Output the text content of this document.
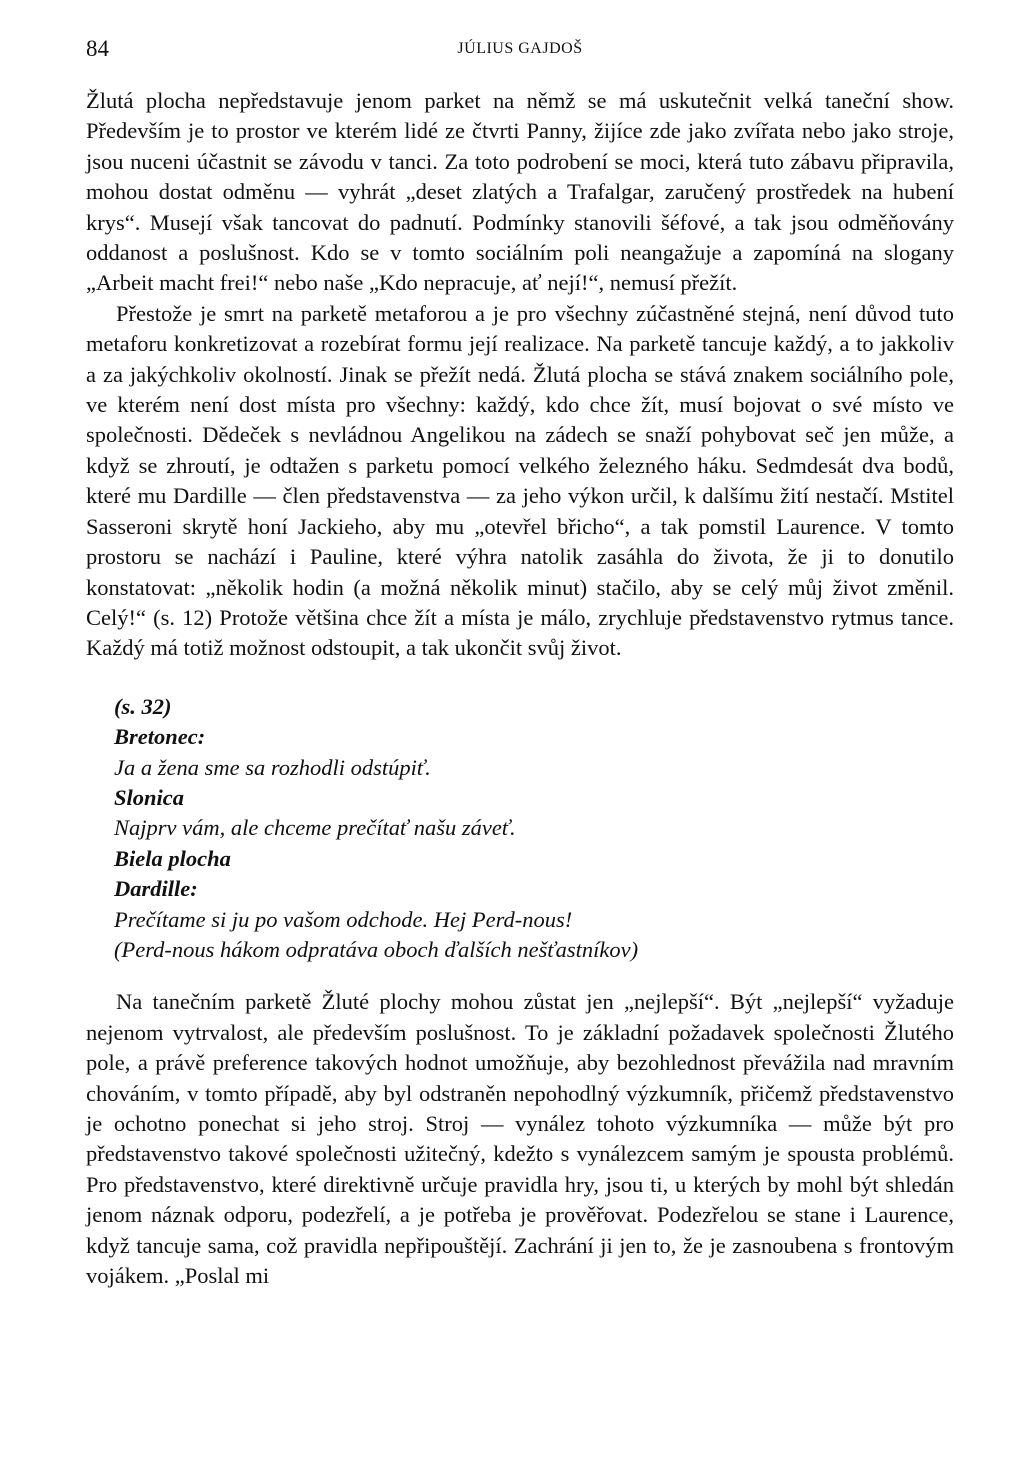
84	JÚLIUS GAJDOŠ

Žlutá plocha nepředstavuje jenom parket na němž se má uskutečnit velká taneční show. Především je to prostor ve kterém lidé ze čtvrti Panny, žijíce zde jako zvířata nebo jako stroje, jsou nuceni účastnit se závodu v tanci. Za toto podrobení se moci, která tuto zábavu připravila, mohou dostat odměnu — vyhrát „deset zlatých a Trafalgar, zaručený prostředek na hubení krys“. Musejí však tancovat do padnutí. Podmínky stanovili šéfové, a tak jsou odměňovány oddanost a poslušnost. Kdo se v tomto sociálním poli neangažuje a zapomíná na slogany „Arbeit macht frei!“ nebo naše „Kdo nepracuje, ať nejí!“, nemusí přežít.

Přestože je smrt na parketě metaforou a je pro všechny zúčastněné stejná, není důvod tuto metaforu konkretizovat a rozebírat formu její realizace. Na parketě tancuje každý, a to jakkoliv a za jakýchkoliv okolností. Jinak se přežít nedá. Žlutá plocha se stává znakem sociálního pole, ve kterém není dost místa pro všechny: každý, kdo chce žít, musí bojovat o své místo ve společnosti. Dědeček s nevládnou Angelikou na zádech se snaží pohybovat seč jen může, a když se zhroutí, je odtažen s parketu pomocí velkého železného háku. Sedmdesát dva bodů, které mu Dardille — člen představenstva — za jeho výkon určil, k dalšímu žití nestačí. Mstitel Sasseroni skrytě honí Jackieho, aby mu „otevřel břicho“, a tak pomstil Laurence. V tomto prostoru se nachází i Pauline, které výhra natolik zasáhla do života, že ji to donutilo konstatovat: „několik hodin (a možná několik minut) stačilo, aby se celý můj život změnil. Celý!“ (s. 12) Protože většina chce žít a místa je málo, zrychluje představenstvo rytmus tance. Každý má totiž možnost odstoupit, a tak ukončit svůj život.

(s. 32)
Bretonec:
Ja a žena sme sa rozhodli odstúpiť.
Slonica
Najprv vám, ale chceme prečítať našu záveť.
Biela plocha
Dardille:
Prečítame si ju po vašom odchode. Hej Perd-nous!
(Perd-nous hákom odpratáva oboch ďalších nešťastníkov)

Na tanečním parketě Žluté plochy mohou zůstat jen „nejlepší“. Být „nejlepší“ vyžaduje nejenom vytrvalost, ale především poslušnost. To je základní požadavek společnosti Žlutého pole, a právě preference takových hodnot umožňuje, aby bezohlednost převážila nad mravním chováním, v tomto případě, aby byl odstraněn nepohodlný výzkumník, přičemž představenstvo je ochotno ponechat si jeho stroj. Stroj — vynález tohoto výzkumníka — může být pro představenstvo takové společnosti užitečný, kdežto s vynálezcem samým je spousta problémů. Pro představenstvo, které direktivně určuje pravidla hry, jsou ti, u kterých by mohl být shledán jenom náznak odporu, podezřelí, a je potřeba je prověřovat. Podezřelou se stane i Laurence, když tancuje sama, což pravidla nepřipouštějí. Zachrání ji jen to, že je zasnoubena s frontovým vojákem. „Poslal mi
